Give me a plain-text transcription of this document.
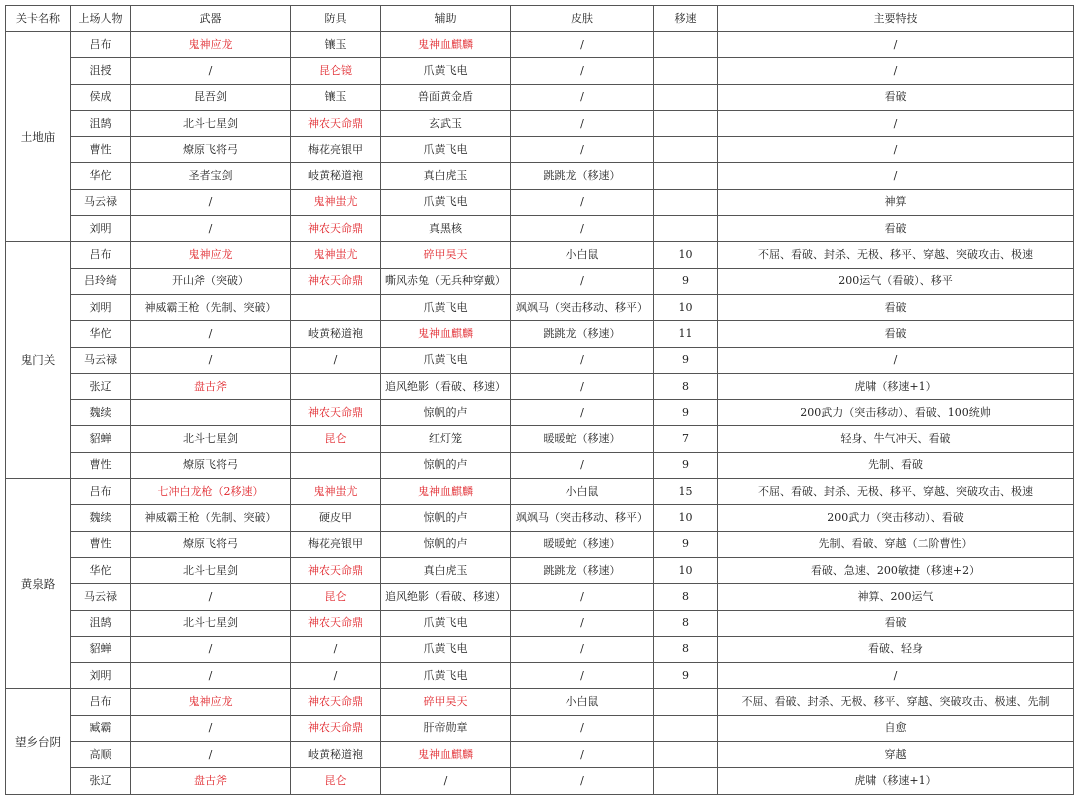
关卡名称	上场人物	武器	防具	辅助	皮肤	移速	主要特技
土地庙	吕布	鬼神应龙	镶玉	鬼神血麒麟	/		/
	沮授	/	昆仑镜	爪黄飞电	/		/
	侯成	昆吾剑	镶玉	兽面黄金盾	/		看破
	沮鹄	北斗七星剑	神农天命鼎	玄武玉	/		/
	曹性	燎原飞将弓	梅花亮银甲	爪黄飞电	/		/
	华佗	圣者宝剑	岐黄秘道袍	真白虎玉	跳跳龙（移速）		/
	马云禄	/	鬼神蚩尤	爪黄飞电	/		神算
	刘明	/	神农天命鼎	真黑核	/		看破
鬼门关	吕布	鬼神应龙	鬼神蚩尤	碎甲昊天	小白鼠	10	不屈、看破、封杀、无极、移平、穿越、突破攻击、极速
	吕玲绮	开山斧（突破）	神农天命鼎	嘶风赤兔（无兵种穿戴）	/	9	200运气（看破）、移平
	刘明	神威霸王枪（先制、突破）		爪黄飞电	飒飒马（突击移动、移平）	10	看破
	华佗	/	岐黄秘道袍	鬼神血麒麟	跳跳龙（移速）	11	看破
	马云禄	/	/	爪黄飞电	/	9	/
	张辽	盘古斧		追风绝影（看破、移速）	/	8	虎啸（移速+1）
	魏续		神农天命鼎	惊帆的卢	/	9	200武力（突击移动）、看破、100统帅
	貂蝉	北斗七星剑	昆仑	红灯笼	暖暖蛇（移速）	7	轻身、牛气冲天、看破
	曹性	燎原飞将弓		惊帆的卢	/	9	先制、看破
黄泉路	吕布	七冲白龙枪（2移速）	鬼神蚩尤	鬼神血麒麟	小白鼠	15	不屈、看破、封杀、无极、移平、穿越、突破攻击、极速
	魏续	神威霸王枪（先制、突破）	硬皮甲	惊帆的卢	飒飒马（突击移动、移平）	10	200武力（突击移动）、看破
	曹性	燎原飞将弓	梅花亮银甲	惊帆的卢	暖暖蛇（移速）	9	先制、看破、穿越（二阶曹性）
	华佗	北斗七星剑	神农天命鼎	真白虎玉	跳跳龙（移速）	10	看破、急速、200敏捷（移速+2）
	马云禄	/	昆仑	追风绝影（看破、移速）	/	8	神算、200运气
	沮鹄	北斗七星剑	神农天命鼎	爪黄飞电	/	8	看破
	貂蝉	/	/	爪黄飞电	/	8	看破、轻身
	刘明	/	/	爪黄飞电	/	9	/
望乡台阴	吕布	鬼神应龙	神农天命鼎	碎甲昊天	小白鼠		不屈、看破、封杀、无极、移平、穿越、突破攻击、极速、先制
	臧霸	/	神农天命鼎	肝帝勋章	/		自愈
	高顺	/	岐黄秘道袍	鬼神血麒麟	/		穿越
	张辽	盘古斧	昆仑	/	/		虎啸（移速+1）
